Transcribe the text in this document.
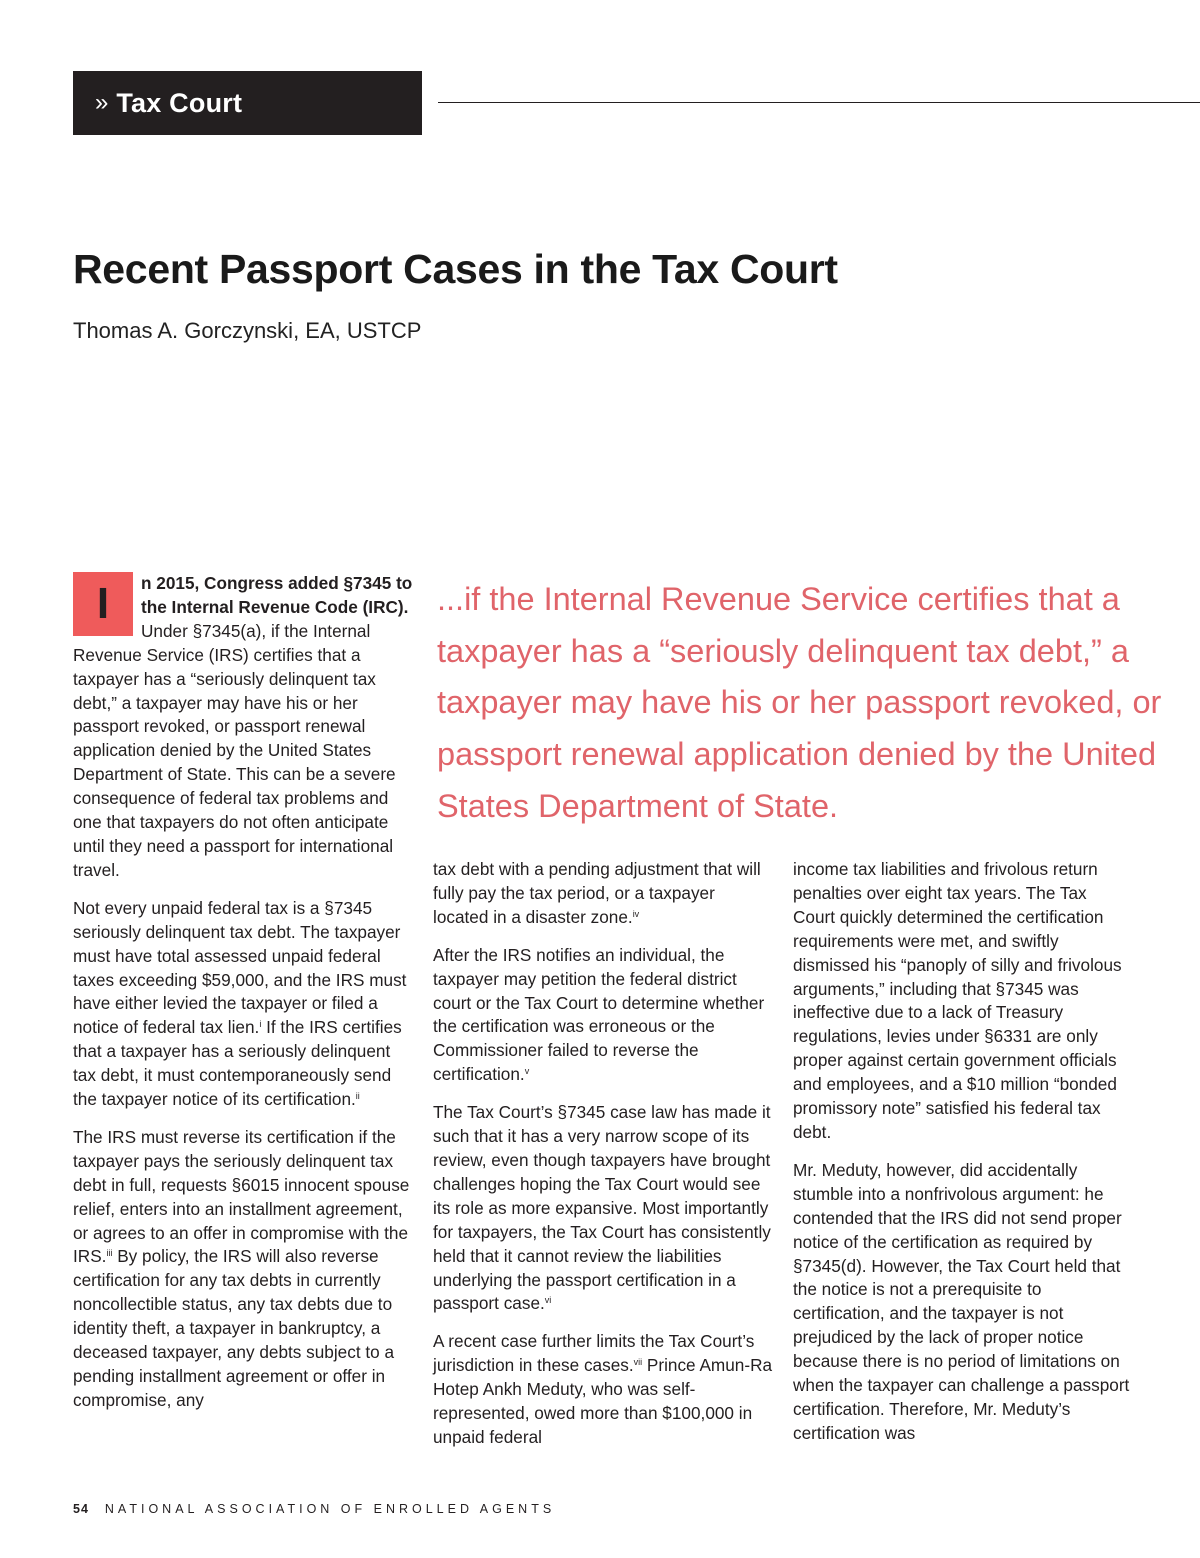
» Tax Court
Recent Passport Cases in the Tax Court

Thomas A. Gorczynski, EA, USTCP

I	n 2015, Congress added §7345 to the Internal Revenue Code (IRC). Under §7345(a), if the Internal Revenue Service (IRS) certifies that a taxpayer has a “seriously delinquent tax debt,” a taxpayer may have his or her passport revoked, or passport renewal application denied by the United States Department of State. This can be a severe consequence of federal tax problems and one that taxpayers do not often anticipate until they need a passport for international travel.

Not every unpaid federal tax is a §7345 seriously delinquent tax debt. The taxpayer must have total assessed unpaid federal taxes exceeding $59,000, and the IRS must have either levied the taxpayer or filed a notice of federal tax lien.$^i$ If the IRS certifies that a taxpayer has a seriously delinquent tax debt, it must contemporaneously send the taxpayer notice of its certification.$^{ii}$

The IRS must reverse its certification if the taxpayer pays the seriously delinquent tax debt in full, requests §6015 innocent spouse relief, enters into an installment agreement, or agrees to an offer in compromise with the IRS.$^{iii}$ By policy, the IRS will also reverse certification for any tax debts in currently noncollectible status, any tax debts due to identity theft, a taxpayer in bankruptcy, a deceased taxpayer, any debts subject to a pending installment agreement or offer in compromise, any

...if the Internal Revenue Service certifies that a taxpayer has a “seriously delinquent tax debt,” a taxpayer may have his or her passport revoked, or passport renewal application denied by the United States Department of State.

tax debt with a pending adjustment that will fully pay the tax period, or a taxpayer located in a disaster zone.$^{iv}$

After the IRS notifies an individual, the taxpayer may petition the federal district court or the Tax Court to determine whether the certification was erroneous or the Commissioner failed to reverse the certification.$^v$

The Tax Court’s §7345 case law has made it such that it has a very narrow scope of its review, even though taxpayers have brought challenges hoping the Tax Court would see its role as more expansive. Most importantly for taxpayers, the Tax Court has consistently held that it cannot review the liabilities underlying the passport certification in a passport case.$^{vi}$

A recent case further limits the Tax Court’s jurisdiction in these cases.$^{vii}$ Prince Amun-Ra Hotep Ankh Meduty, who was self-represented, owed more than $100,000 in unpaid federal

income tax liabilities and frivolous return penalties over eight tax years. The Tax Court quickly determined the certification requirements were met, and swiftly dismissed his “panoply of silly and frivolous arguments,” including that §7345 was ineffective due to a lack of Treasury regulations, levies under §6331 are only proper against certain government officials and employees, and a $10 million “bonded promissory note” satisfied his federal tax debt.

Mr. Meduty, however, did accidentally stumble into a nonfrivolous argument: he contended that the IRS did not send proper notice of the certification as required by §7345(d). However, the Tax Court held that the notice is not a prerequisite to certification, and the taxpayer is not prejudiced by the lack of proper notice because there is no period of limitations on when the taxpayer can challenge a passport certification. Therefore, Mr. Meduty’s certification was

54 NATIONAL ASSOCIATION OF ENROLLED AGENTS
